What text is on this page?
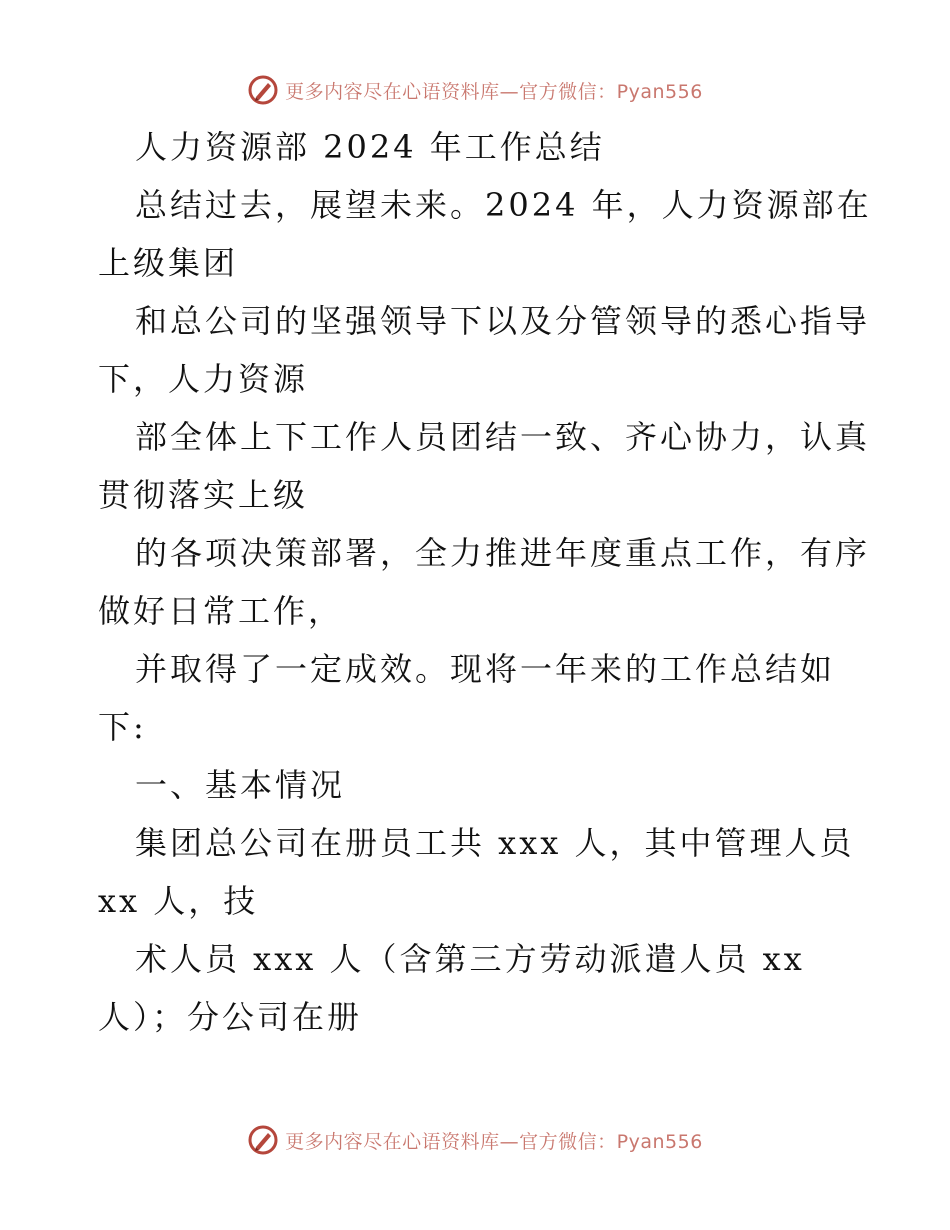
更多内容尽在心语资料库—官方微信：Pyan556
人力资源部 2024 年工作总结
总结过去，展望未来。2024 年，人力资源部在
上级集团
和总公司的坚强领导下以及分管领导的悉心指导
下，人力资源
部全体上下工作人员团结一致、齐心协力，认真
贯彻落实上级
的各项决策部署，全力推进年度重点工作，有序
做好日常工作，
并取得了一定成效。现将一年来的工作总结如
下:
一、基本情况
集团总公司在册员工共 xxx 人，其中管理人员
xx 人，技
术人员 xxx 人（含第三方劳动派遣人员 xx
人）；分公司在册
更多内容尽在心语资料库—官方微信：Pyan556
